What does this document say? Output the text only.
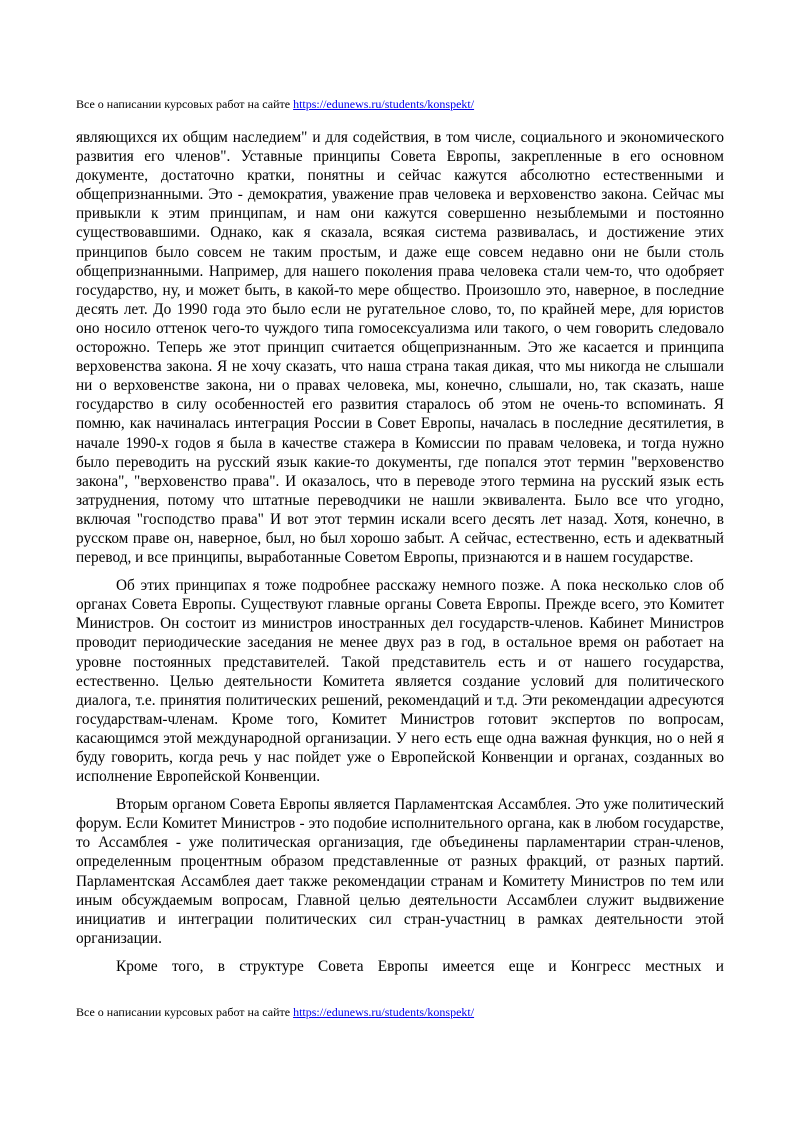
Все о написании курсовых работ на сайте https://edunews.ru/students/konspekt/

являющихся их общим наследием" и для содействия, в том числе, социального и экономического развития его членов". Уставные принципы Совета Европы, закрепленные в его основном документе, достаточно кратки, понятны и сейчас кажутся абсолютно естественными и общепризнанными. Это - демократия, уважение прав человека и верховенство закона. Сейчас мы привыкли к этим принципам, и нам они кажутся совершенно незыблемыми и постоянно существовавшими. Однако, как я сказала, всякая система развивалась, и достижение этих принципов было совсем не таким простым, и даже еще совсем недавно они не были столь общепризнанными. Например, для нашего поколения права человека стали чем-то, что одобряет государство, ну, и может быть, в какой-то мере общество. Произошло это, наверное, в последние десять лет. До 1990 года это было если не ругательное слово, то, по крайней мере, для юристов оно носило оттенок чего-то чуждого типа гомосексуализма или такого, о чем говорить следовало осторожно. Теперь же этот принцип считается общепризнанным. Это же касается и принципа верховенства закона. Я не хочу сказать, что наша страна такая дикая, что мы никогда не слышали ни о верховенстве закона, ни о правах человека, мы, конечно, слышали, но, так сказать, наше государство в силу особенностей его развития старалось об этом не очень-то вспоминать. Я помню, как начиналась интеграция России в Совет Европы, началась в последние десятилетия, в начале 1990-х годов я была в качестве стажера в Комиссии по правам человека, и тогда нужно было переводить на русский язык какие-то документы, где попался этот термин "верховенство закона", "верховенство права". И оказалось, что в переводе этого термина на русский язык есть затруднения, потому что штатные переводчики не нашли эквивалента. Было все что угодно, включая "господство права" И вот этот термин искали всего десять лет назад. Хотя, конечно, в русском праве он, наверное, был, но был хорошо забыт. А сейчас, естественно, есть и адекватный перевод, и все принципы, выработанные Советом Европы, признаются и в нашем государстве.

Об этих принципах я тоже подробнее расскажу немного позже. А пока несколько слов об органах Совета Европы. Существуют главные органы Совета Европы. Прежде всего, это Комитет Министров. Он состоит из министров иностранных дел государств-членов. Кабинет Министров проводит периодические заседания не менее двух раз в год, в остальное время он работает на уровне постоянных представителей. Такой представитель есть и от нашего государства, естественно. Целью деятельности Комитета является создание условий для политического диалога, т.е. принятия политических решений, рекомендаций и т.д. Эти рекомендации адресуются государствам-членам. Кроме того, Комитет Министров готовит экспертов по вопросам, касающимся этой международной организации. У него есть еще одна важная функция, но о ней я буду говорить, когда речь у нас пойдет уже о Европейской Конвенции и органах, созданных во исполнение Европейской Конвенции.

Вторым органом Совета Европы является Парламентская Ассамблея. Это уже политический форум. Если Комитет Министров - это подобие исполнительного органа, как в любом государстве, то Ассамблея - уже политическая организация, где объединены парламентарии стран-членов, определенным процентным образом представленные от разных фракций, от разных партий. Парламентская Ассамблея дает также рекомендации странам и Комитету Министров по тем или иным обсуждаемым вопросам, Главной целью деятельности Ассамблеи служит выдвижение инициатив и интеграции политических сил стран-участниц в рамках деятельности этой организации.

Кроме того, в структуре Совета Европы имеется еще и Конгресс местных и

Все о написании курсовых работ на сайте https://edunews.ru/students/konspekt/
